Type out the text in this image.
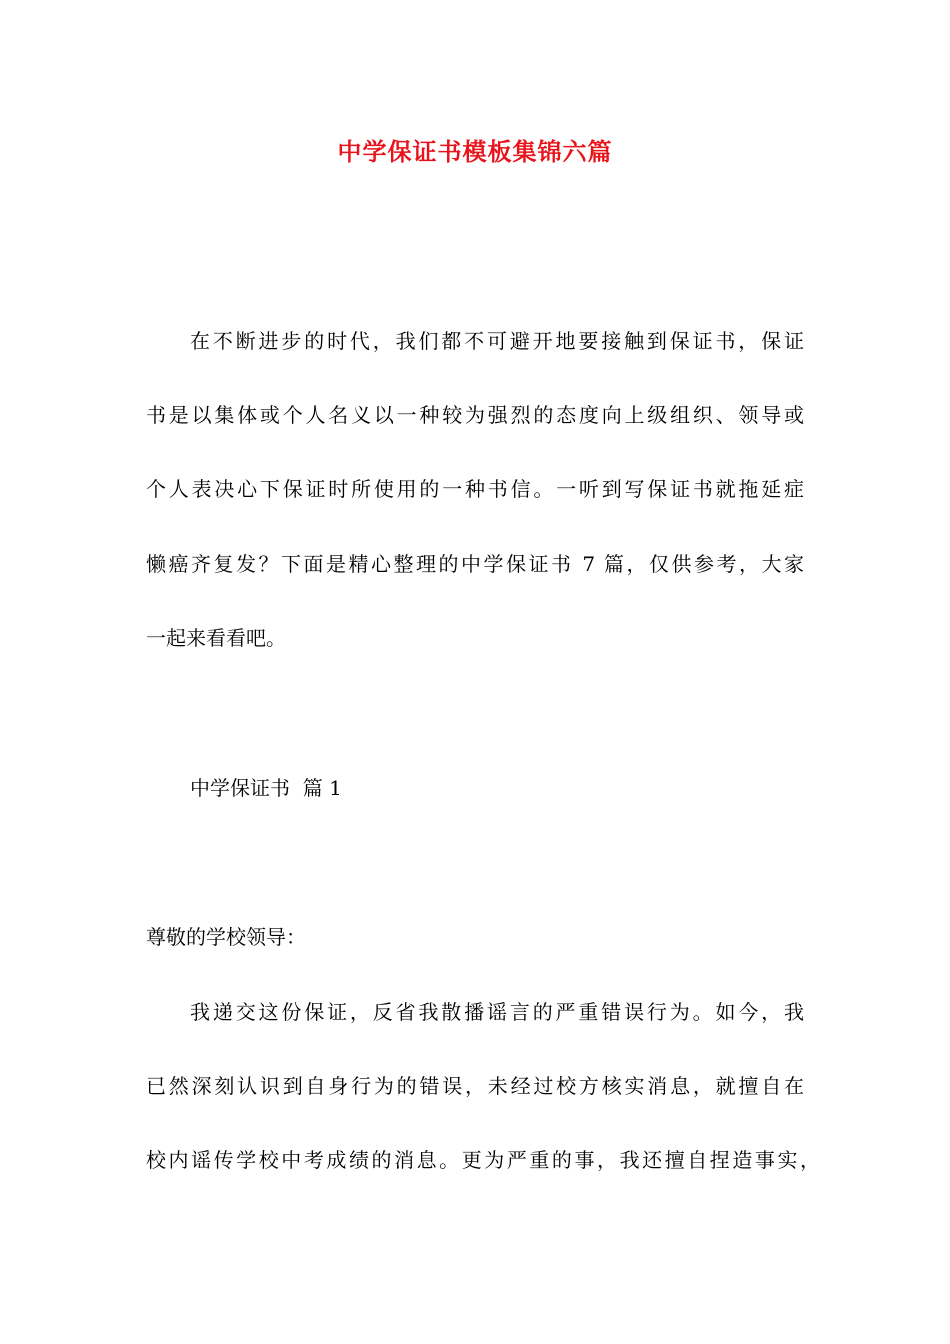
中学保证书模板集锦六篇
在不断进步的时代，我们都不可避开地要接触到保证书，保证
书是以集体或个人名义以一种较为强烈的态度向上级组织、领导或
个人表决心下保证时所使用的一种书信。一听到写保证书就拖延症
懒癌齐复发？下面是精心整理的中学保证书 7 篇，仅供参考，大家
一起来看看吧。
中学保证书  篇 1
尊敬的学校领导：
我递交这份保证，反省我散播谣言的严重错误行为。如今，我
已然深刻认识到自身行为的错误，未经过校方核实消息，就擅自在
校内谣传学校中考成绩的消息。更为严重的事，我还擅自捏造事实，
